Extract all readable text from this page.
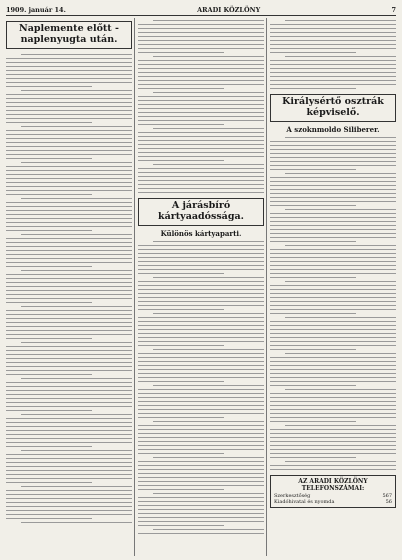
1909. január 14.	ARADI KÖZLÖNY	7
Naplemente előtt - naplenyugta után.
A járásbíró kártyaadóssága.
Különös kártyaparti.
Királysértő osztrák képviselő.
A szoknmoldo Siliberer.
AZ ARADI KÖZLÖNY TELEFONSZÁMAI:
Szerkesztőség	567
Kiadóhivatal és nyomda	56
